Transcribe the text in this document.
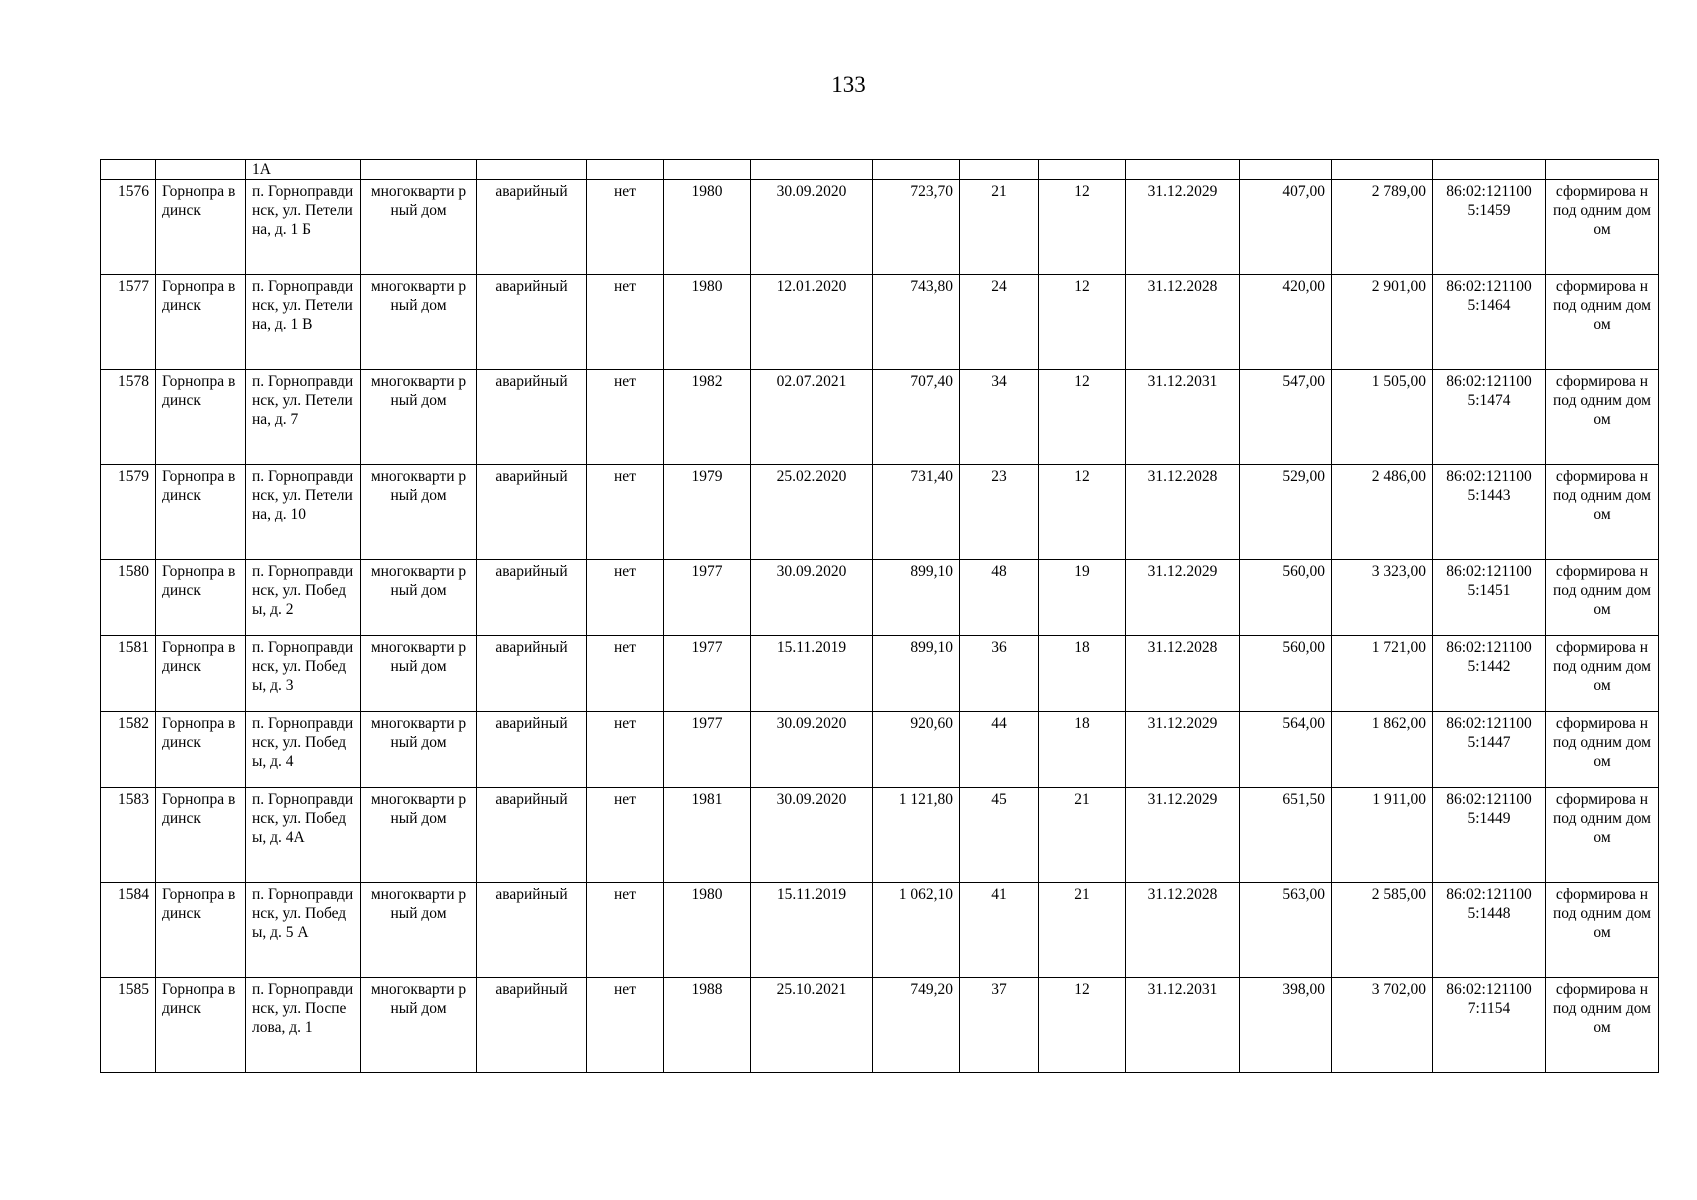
133
		1А													
1576	Горнопра вдинск	п. Горноправди нск, ул. Петелина, д. 1 Б	многокварти рный дом	аварийный	нет	1980	30.09.2020	723,70	21	12	31.12.2029	407,00	2 789,00	86:02:121100 5:1459	сформирова н под одним домом
1577	Горнопра вдинск	п. Горноправди нск, ул. Петелина, д. 1 В	многокварти рный дом	аварийный	нет	1980	12.01.2020	743,80	24	12	31.12.2028	420,00	2 901,00	86:02:121100 5:1464	сформирова н под одним домом
1578	Горнопра вдинск	п. Горноправди нск, ул. Петелина, д. 7	многокварти рный дом	аварийный	нет	1982	02.07.2021	707,40	34	12	31.12.2031	547,00	1 505,00	86:02:121100 5:1474	сформирова н под одним домом
1579	Горнопра вдинск	п. Горноправди нск, ул. Петелина, д. 10	многокварти рный дом	аварийный	нет	1979	25.02.2020	731,40	23	12	31.12.2028	529,00	2 486,00	86:02:121100 5:1443	сформирова н под одним домом
1580	Горнопра вдинск	п. Горноправди нск, ул. Победы, д. 2	многокварти рный дом	аварийный	нет	1977	30.09.2020	899,10	48	19	31.12.2029	560,00	3 323,00	86:02:121100 5:1451	сформирова н под одним домом
1581	Горнопра вдинск	п. Горноправди нск, ул. Победы, д. 3	многокварти рный дом	аварийный	нет	1977	15.11.2019	899,10	36	18	31.12.2028	560,00	1 721,00	86:02:121100 5:1442	сформирова н под одним домом
1582	Горнопра вдинск	п. Горноправди нск, ул. Победы, д. 4	многокварти рный дом	аварийный	нет	1977	30.09.2020	920,60	44	18	31.12.2029	564,00	1 862,00	86:02:121100 5:1447	сформирова н под одним домом
1583	Горнопра вдинск	п. Горноправди нск, ул. Победы, д. 4А	многокварти рный дом	аварийный	нет	1981	30.09.2020	1 121,80	45	21	31.12.2029	651,50	1 911,00	86:02:121100 5:1449	сформирова н под одним домом
1584	Горнопра вдинск	п. Горноправди нск, ул. Победы, д. 5 А	многокварти рный дом	аварийный	нет	1980	15.11.2019	1 062,10	41	21	31.12.2028	563,00	2 585,00	86:02:121100 5:1448	сформирова н под одним домом
1585	Горнопра вдинск	п. Горноправди нск, ул. Поспелова, д. 1	многокварти рный дом	аварийный	нет	1988	25.10.2021	749,20	37	12	31.12.2031	398,00	3 702,00	86:02:121100 7:1154	сформирова н под одним домом
